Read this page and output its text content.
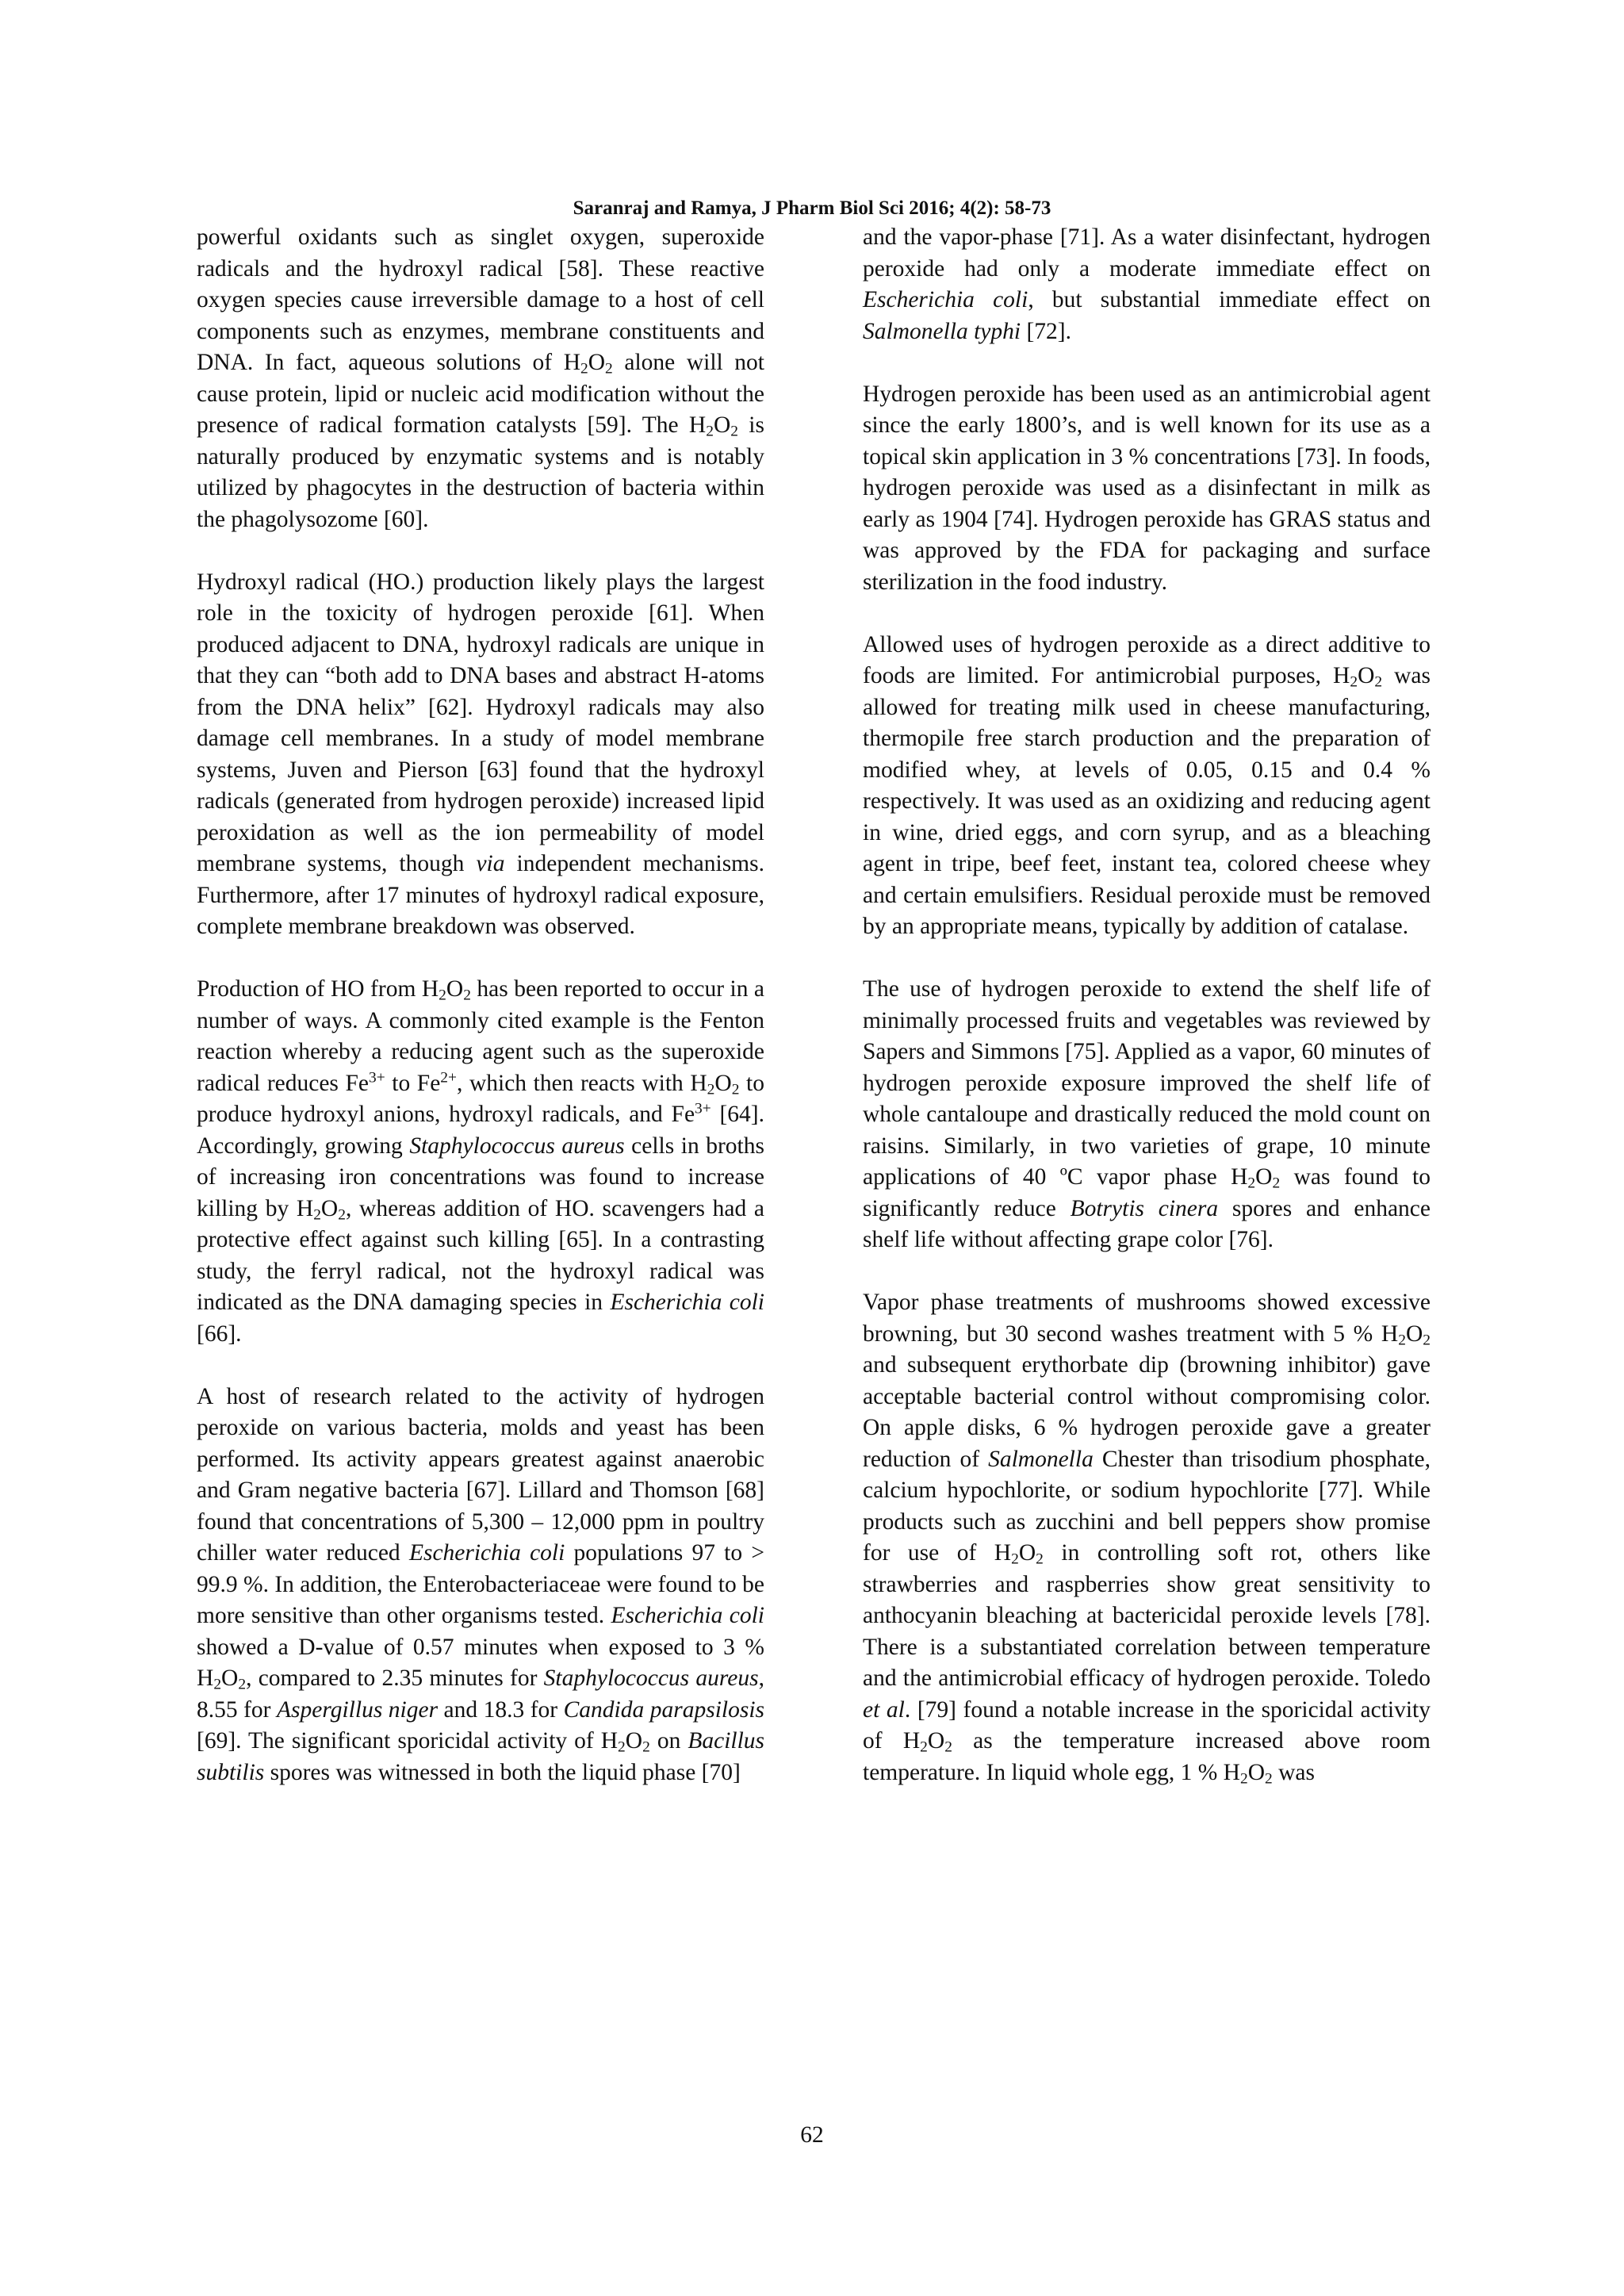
Saranraj and Ramya, J Pharm Biol Sci 2016; 4(2): 58-73

powerful oxidants such as singlet oxygen, superoxide radicals and the hydroxyl radical [58]. These reactive oxygen species cause irreversible damage to a host of cell components such as enzymes, membrane constituents and DNA. In fact, aqueous solutions of $H_2O_2$ alone will not cause protein, lipid or nucleic acid modification without the presence of radical formation catalysts [59]. The $H_2O_2$ is naturally produced by enzymatic systems and is notably utilized by phagocytes in the destruction of bacteria within the phagolysozome [60].

Hydroxyl radical (HO.) production likely plays the largest role in the toxicity of hydrogen peroxide [61]. When produced adjacent to DNA, hydroxyl radicals are unique in that they can “both add to DNA bases and abstract H-atoms from the DNA helix” [62]. Hydroxyl radicals may also damage cell membranes. In a study of model membrane systems, Juven and Pierson [63] found that the hydroxyl radicals (generated from hydrogen peroxide) increased lipid peroxidation as well as the ion permeability of model membrane systems, though via independent mechanisms. Furthermore, after 17 minutes of hydroxyl radical exposure, complete membrane breakdown was observed.

Production of HO from $H_2O_2$ has been reported to occur in a number of ways. A commonly cited example is the Fenton reaction whereby a reducing agent such as the superoxide radical reduces $Fe^{3+}$ to $Fe^{2+}$, which then reacts with $H_2O_2$ to produce hydroxyl anions, hydroxyl radicals, and $Fe^{3+}$ [64]. Accordingly, growing Staphylococcus aureus cells in broths of increasing iron concentrations was found to increase killing by $H_2O_2$, whereas addition of HO. scavengers had a protective effect against such killing [65]. In a contrasting study, the ferryl radical, not the hydroxyl radical was indicated as the DNA damaging species in Escherichia coli [66].

A host of research related to the activity of hydrogen peroxide on various bacteria, molds and yeast has been performed. Its activity appears greatest against anaerobic and Gram negative bacteria [67]. Lillard and Thomson [68] found that concentrations of 5,300 – 12,000 ppm in poultry chiller water reduced Escherichia coli populations 97 to > 99.9 %. In addition, the Enterobacteriaceae were found to be more sensitive than other organisms tested. Escherichia coli showed a D-value of 0.57 minutes when exposed to 3 % $H_2O_2$, compared to 2.35 minutes for Staphylococcus aureus, 8.55 for Aspergillus niger and 18.3 for Candida parapsilosis [69]. The significant sporicidal activity of $H_2O_2$ on Bacillus subtilis spores was witnessed in both the liquid phase [70]

and the vapor-phase [71]. As a water disinfectant, hydrogen peroxide had only a moderate immediate effect on Escherichia coli, but substantial immediate effect on Salmonella typhi [72].

Hydrogen peroxide has been used as an antimicrobial agent since the early 1800’s, and is well known for its use as a topical skin application in 3 % concentrations [73]. In foods, hydrogen peroxide was used as a disinfectant in milk as early as 1904 [74]. Hydrogen peroxide has GRAS status and was approved by the FDA for packaging and surface sterilization in the food industry.

Allowed uses of hydrogen peroxide as a direct additive to foods are limited. For antimicrobial purposes, $H_2O_2$ was allowed for treating milk used in cheese manufacturing, thermopile free starch production and the preparation of modified whey, at levels of 0.05, 0.15 and 0.4 % respectively. It was used as an oxidizing and reducing agent in wine, dried eggs, and corn syrup, and as a bleaching agent in tripe, beef feet, instant tea, colored cheese whey and certain emulsifiers. Residual peroxide must be removed by an appropriate means, typically by addition of catalase.

The use of hydrogen peroxide to extend the shelf life of minimally processed fruits and vegetables was reviewed by Sapers and Simmons [75]. Applied as a vapor, 60 minutes of hydrogen peroxide exposure improved the shelf life of whole cantaloupe and drastically reduced the mold count on raisins. Similarly, in two varieties of grape, 10 minute applications of 40 ºC vapor phase $H_2O_2$ was found to significantly reduce Botrytis cinera spores and enhance shelf life without affecting grape color [76].

Vapor phase treatments of mushrooms showed excessive browning, but 30 second washes treatment with 5 % $H_2O_2$ and subsequent erythorbate dip (browning inhibitor) gave acceptable bacterial control without compromising color. On apple disks, 6 % hydrogen peroxide gave a greater reduction of Salmonella Chester than trisodium phosphate, calcium hypochlorite, or sodium hypochlorite [77]. While products such as zucchini and bell peppers show promise for use of $H_2O_2$ in controlling soft rot, others like strawberries and raspberries show great sensitivity to anthocyanin bleaching at bactericidal peroxide levels [78]. There is a substantiated correlation between temperature and the antimicrobial efficacy of hydrogen peroxide. Toledo et al. [79] found a notable increase in the sporicidal activity of $H_2O_2$ as the temperature increased above room temperature. In liquid whole egg, 1 % $H_2O_2$ was

62
